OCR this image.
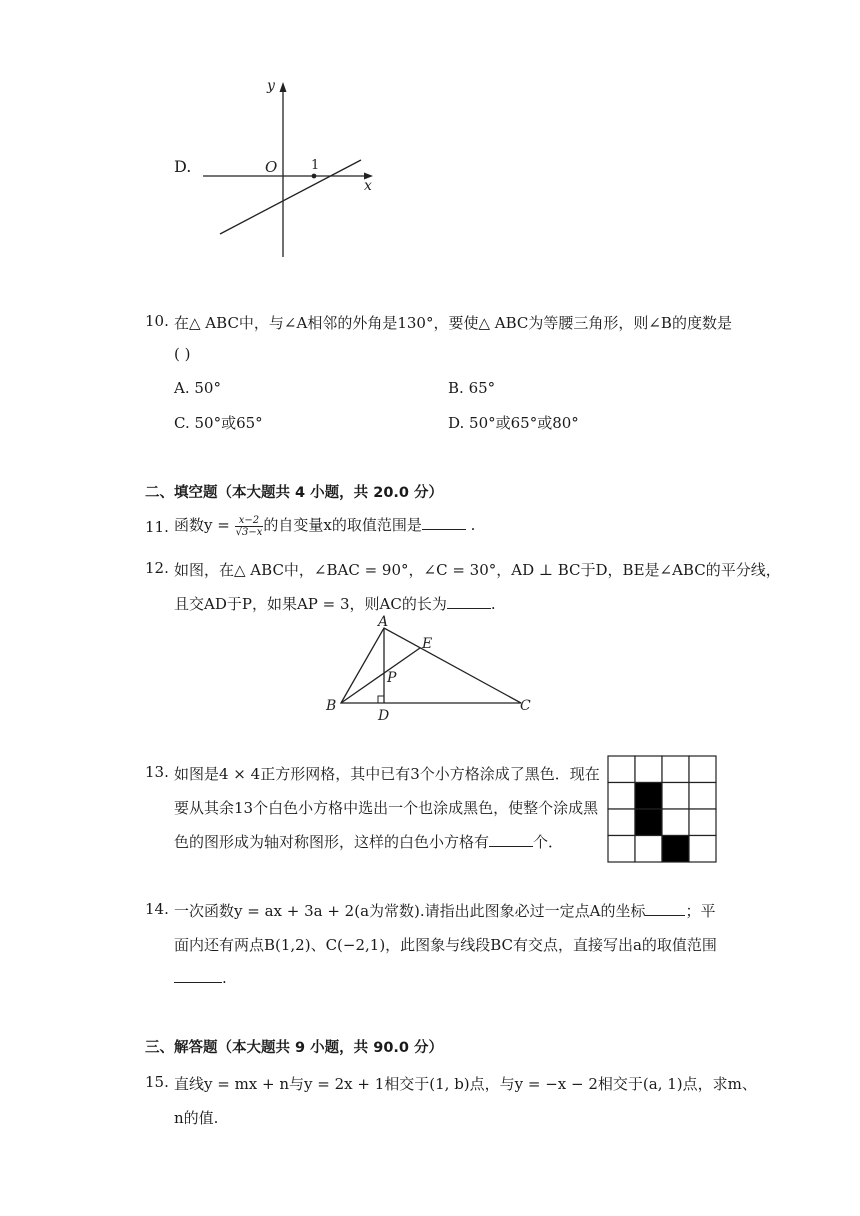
D.
y
x
O	1
10. 在△ ABC中，与∠A相邻的外角是130°，要使△ ABC为等腰三角形，则∠B的度数是
( )
A. 50°	B. 65°
C. 50°或65°	D. 50°或65°或80°
二、填空题（本大题共 4 小题，共 20.0 分）
11. 函数$y = \frac{x-2}{√3-x}$ 的自变量x的取值范围是	.
12. 如图，在△ ABC中，∠BAC = 90°，∠C = 30°，AD ⊥ BC于D，BE是∠ABC的平分线，
且交AD于P，如果AP = 3，则AC的长为	.
A
B	C
D
E
P
13. 如图是4 × 4正方形网格，其中已有3个小方格涂成了黑色．现在
要从其余13个白色小方格中选出一个也涂成黑色，使整个涂成黑
色的图形成为轴对称图形，这样的白色小方格有	个．
14. 一次函数y = ax + 3a + 2(a为常数).请指出此图象必过一定点A的坐标	；平
面内还有两点B(1,2)、C(−2,1)，此图象与线段BC有交点，直接写出a的取值范围
.
三、解答题（本大题共 9 小题，共 90.0 分）
15. 直线y = mx + n与y = 2x + 1相交于(1, b)点，与y = −x − 2相交于(a, 1)点，求m、
n的值.
